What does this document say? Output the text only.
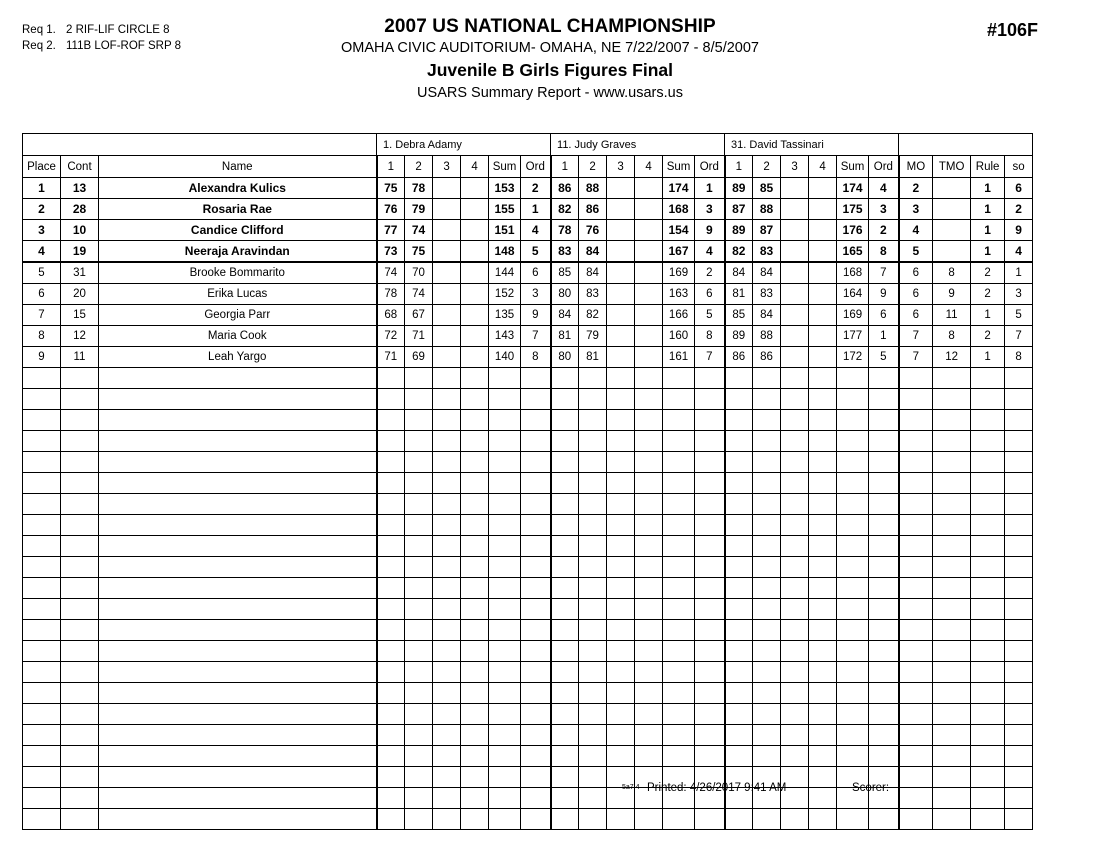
Req 1. 2 RIF-LIF CIRCLE 8
Req 2. 111B LOF-ROF SRP 8
2007 US NATIONAL CHAMPIONSHIP
OMAHA CIVIC AUDITORIUM- OMAHA, NE 7/22/2007 - 8/5/2007
Juvenile B Girls Figures Final
USARS Summary Report - www.usars.us
#106F
			1. Debra Adamy						11. Judy Graves						31. David Tassinari									
Place	Cont	Name	1	2	3	4	Sum	Ord	1	2	3	4	Sum	Ord	1	2	3	4	Sum	Ord	MO	TMO	Rule	so
1	13	Alexandra Kulics	75	78			153	2	86	88			174	1	89	85			174	4	2		1	6
2	28	Rosaria Rae	76	79			155	1	82	86			168	3	87	88			175	3	3		1	2
3	10	Candice Clifford	77	74			151	4	78	76			154	9	89	87			176	2	4		1	9
4	19	Neeraja Aravindan	73	75			148	5	83	84			167	4	82	83			165	8	5		1	4
5	31	Brooke Bommarito	74	70			144	6	85	84			169	2	84	84			168	7	6	8	2	1
6	20	Erika Lucas	78	74			152	3	80	83			163	6	81	83			164	9	6	9	2	3
7	15	Georgia Parr	68	67			135	9	84	82			166	5	85	84			169	6	6	11	1	5
8	12	Maria Cook	72	71			143	7	81	79			160	8	89	88			177	1	7	8	2	7
9	11	Leah Yargo	71	69			140	8	80	81			161	7	86	86			172	5	7	12	1	8

5a7.4 Printed: 4/26/2017 9:41 AM	Scorer:
